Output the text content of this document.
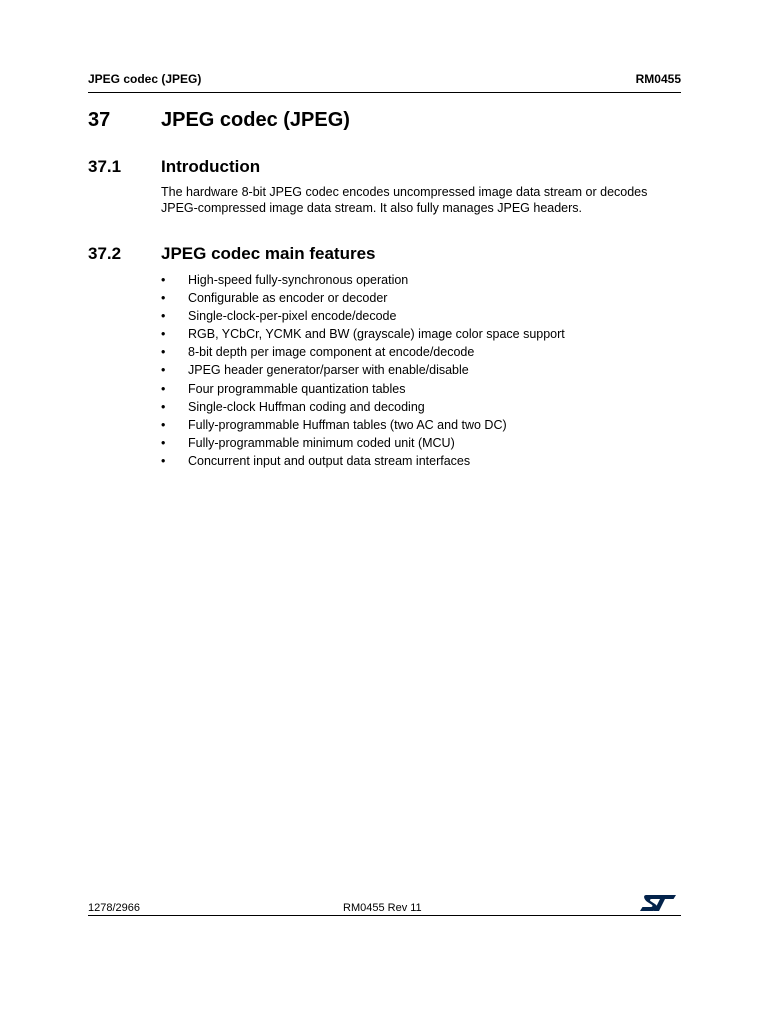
JPEG codec (JPEG)	RM0455
37	JPEG codec (JPEG)
37.1 Introduction

The hardware 8-bit JPEG codec encodes uncompressed image data stream or decodes

JPEG-compressed image data stream. It also fully manages JPEG headers.

37.2 JPEG codec main features
• High-speed fully-synchronous operation
• Configurable as encoder or decoder
• Single-clock-per-pixel encode/decode
• RGB, YCbCr, YCMK and BW (grayscale) image color space support
• 8-bit depth per image component at encode/decode
• JPEG header generator/parser with enable/disable
• Four programmable quantization tables
• Single-clock Huffman coding and decoding
• Fully-programmable Huffman tables (two AC and two DC)
• Fully-programmable minimum coded unit (MCU)
• Concurrent input and output data stream interfaces
1278/2966	RM0455 Rev 11
